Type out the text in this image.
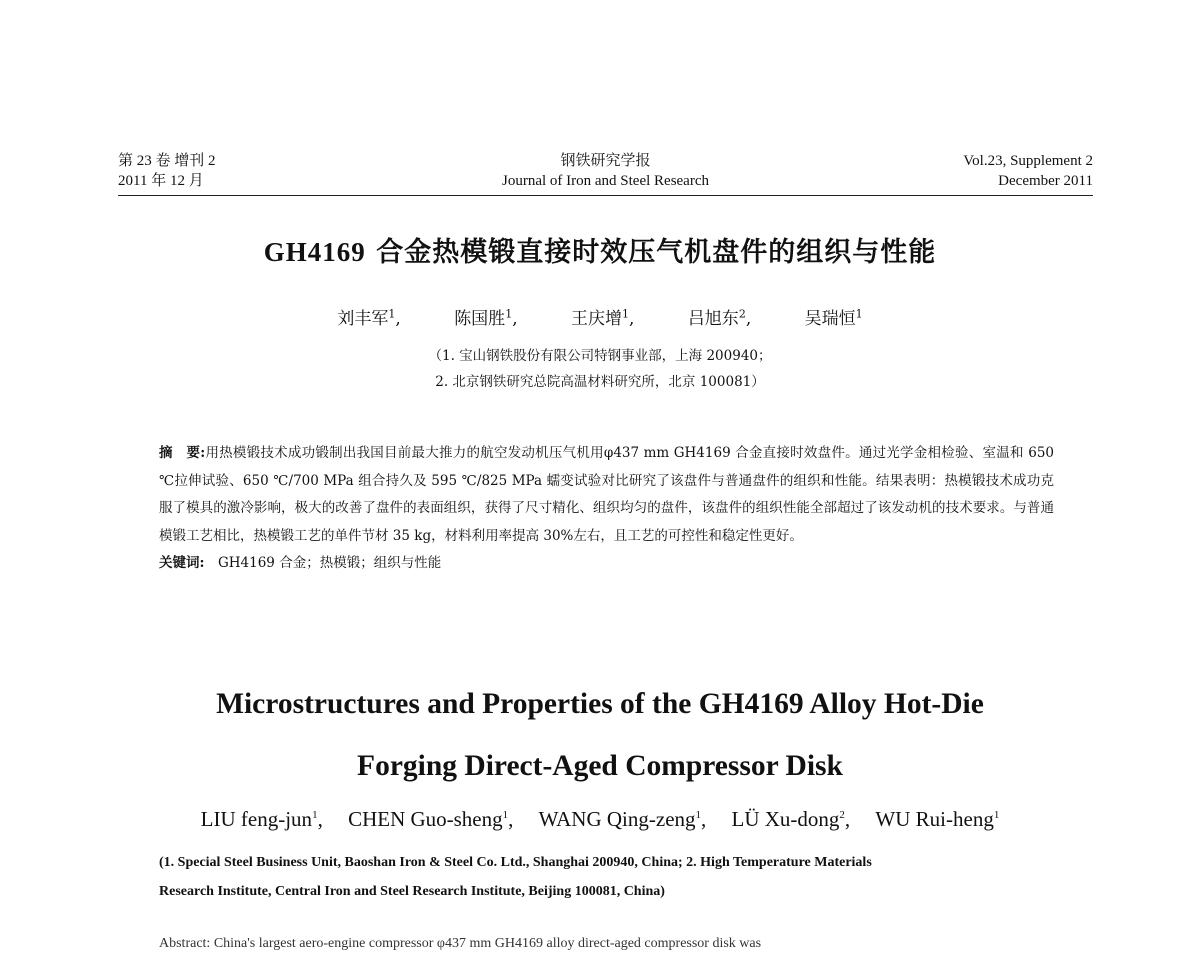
第 23 卷 增刊 2
2011 年 12 月
钢铁研究学报
Journal of Iron and Steel Research
Vol.23, Supplement 2
December 2011
GH4169 合金热模锻直接时效压气机盘件的组织与性能
刘丰军$^1$,	陈国胜$^1$,	王庆增$^1$,	吕旭东$^2$,	吴瑞恒$^1$
（1. 宝山钢铁股份有限公司特钢事业部，上海 200940；
2. 北京钢铁研究总院高温材料研究所，北京 100081）
摘　要:用热模锻技术成功锻制出我国目前最大推力的航空发动机压气机用φ437 mm GH4169 合金直接时效盘件。通过光学金相检验、室温和 650 ℃拉伸试验、650 ℃/700 MPa 组合持久及 595 ℃/825 MPa 蠕变试验对比研究了该盘件与普通盘件的组织和性能。结果表明：热模锻技术成功克服了模具的激冷影响，极大的改善了盘件的表面组织，获得了尺寸精化、组织均匀的盘件，该盘件的组织性能全部超过了该发动机的技术要求。与普通模锻工艺相比，热模锻工艺的单件节材 35 kg，材料利用率提高 30%左右，且工艺的可控性和稳定性更好。
关键词:　 GH4169 合金；热模锻；组织与性能
Microstructures and Properties of the GH4169 Alloy Hot-Die
Forging Direct-Aged Compressor Disk
LIU feng-jun$^1$, CHEN Guo-sheng$^1$, WANG Qing-zeng$^1$, LÜ Xu-dong$^2$, WU Rui-heng$^1$
(1. Special Steel Business Unit, Baoshan Iron & Steel Co. Ltd., Shanghai 200940, China; 2. High Temperature Materials
Research Institute, Central Iron and Steel Research Institute, Beijing 100081, China)
Abstract: China's largest aero-engine compressor φ437 mm GH4169 alloy direct-aged compressor disk was
